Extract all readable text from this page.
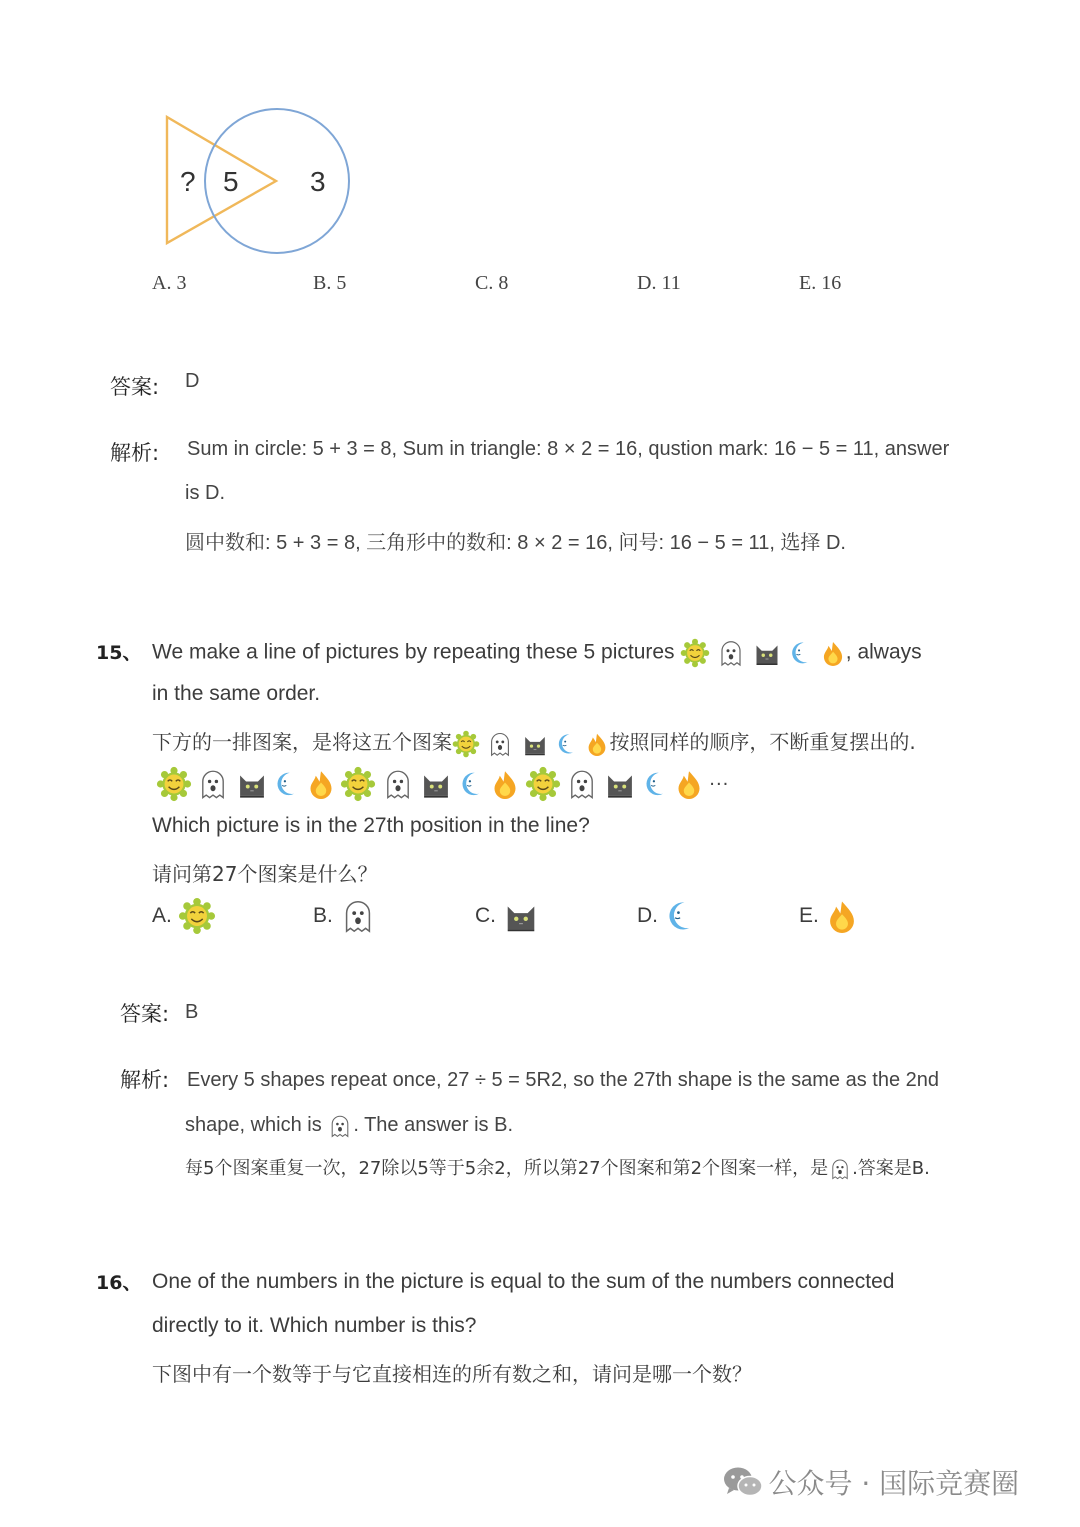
? 5	3
A. 3	B. 5	C. 8	D. 11	E. 16
答案: D
解析: Sum in circle: 5 + 3 = 8, Sum in triangle: 8 × 2 = 16, qustion mark: 16 − 5 = 11, answer
is D.
圆中数和: 5 + 3 = 8, 三角形中的数和: 8 × 2 = 16, 问号: 16 − 5 = 11, 选择 D.
15、 We make a line of pictures by repeating these 5 pictures	, always
in the same order.
下方的一排图案，是将这五个图案	按照同样的顺序，不断重复摆出的.
···
Which picture is in the 27th position in the line?
请问第27个图案是什么？
A.	B.	C.	D.	E.
答案: B
解析: Every 5 shapes repeat once, 27 ÷ 5 = 5R2, so the 27th shape is the same as the 2nd
shape, which is . The answer is B.
每5个图案重复一次，27除以5等于5余2，所以第27个图案和第2个图案一样，是 .答案是B.
16、 One of the numbers in the picture is equal to the sum of the numbers connected
directly to it. Which number is this?
下图中有一个数等于与它直接相连的所有数之和，请问是哪一个数？
公众号 · 国际竞赛圈
